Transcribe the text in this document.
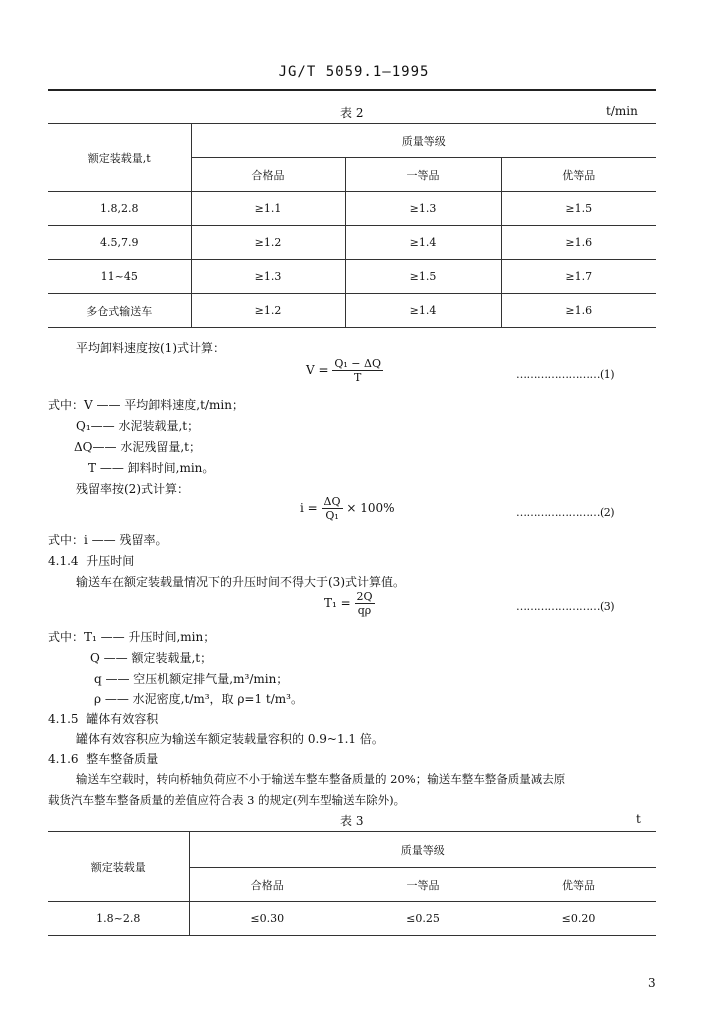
JG/T 5059.1—1995
表 2	t/min
额定装载量,t	质量等级		
	合格品	一等品	优等品
1.8,2.8	≥1.1	≥1.3	≥1.5
4.5,7.9	≥1.2	≥1.4	≥1.6
11~45	≥1.3	≥1.5	≥1.7
多仓式输送车	≥1.2	≥1.4	≥1.6
平均卸料速度按(1)式计算：
$V = \frac{\text{Q₁ − ΔQ}}{T}$	……………………(1)
式中：V —— 平均卸料速度,t/min；
Q₁—— 水泥装载量,t；
ΔQ—— 水泥残留量,t；
T —— 卸料时间,min。
残留率按(2)式计算：
$i = \frac{\Delta Q}{\text{Q₁}} \times 100\%$	……………………(2)
式中：i —— 残留率。
4.1.4 升压时间
输送车在额定装载量情况下的升压时间不得大于(3)式计算值。
$T_1 = \frac{2Q}{q\rho}$	……………………(3)
式中：T₁ —— 升压时间,min；
Q —— 额定装载量,t；
q —— 空压机额定排气量,m³/min；
ρ —— 水泥密度,t/m³，取 ρ=1 t/m³。
4.1.5 罐体有效容积
罐体有效容积应为输送车额定装载量容积的 0.9~1.1 倍。
4.1.6 整车整备质量
输送车空载时，转向桥轴负荷应不小于输送车整车整备质量的 20%；输送车整车整备质量减去原
载货汽车整车整备质量的差值应符合表 3 的规定(列车型输送车除外)。
表 3	t
额定装载量	质量等级		
	合格品	一等品	优等品
1.8~2.8	≤0.30	≤0.25	≤0.20
3
